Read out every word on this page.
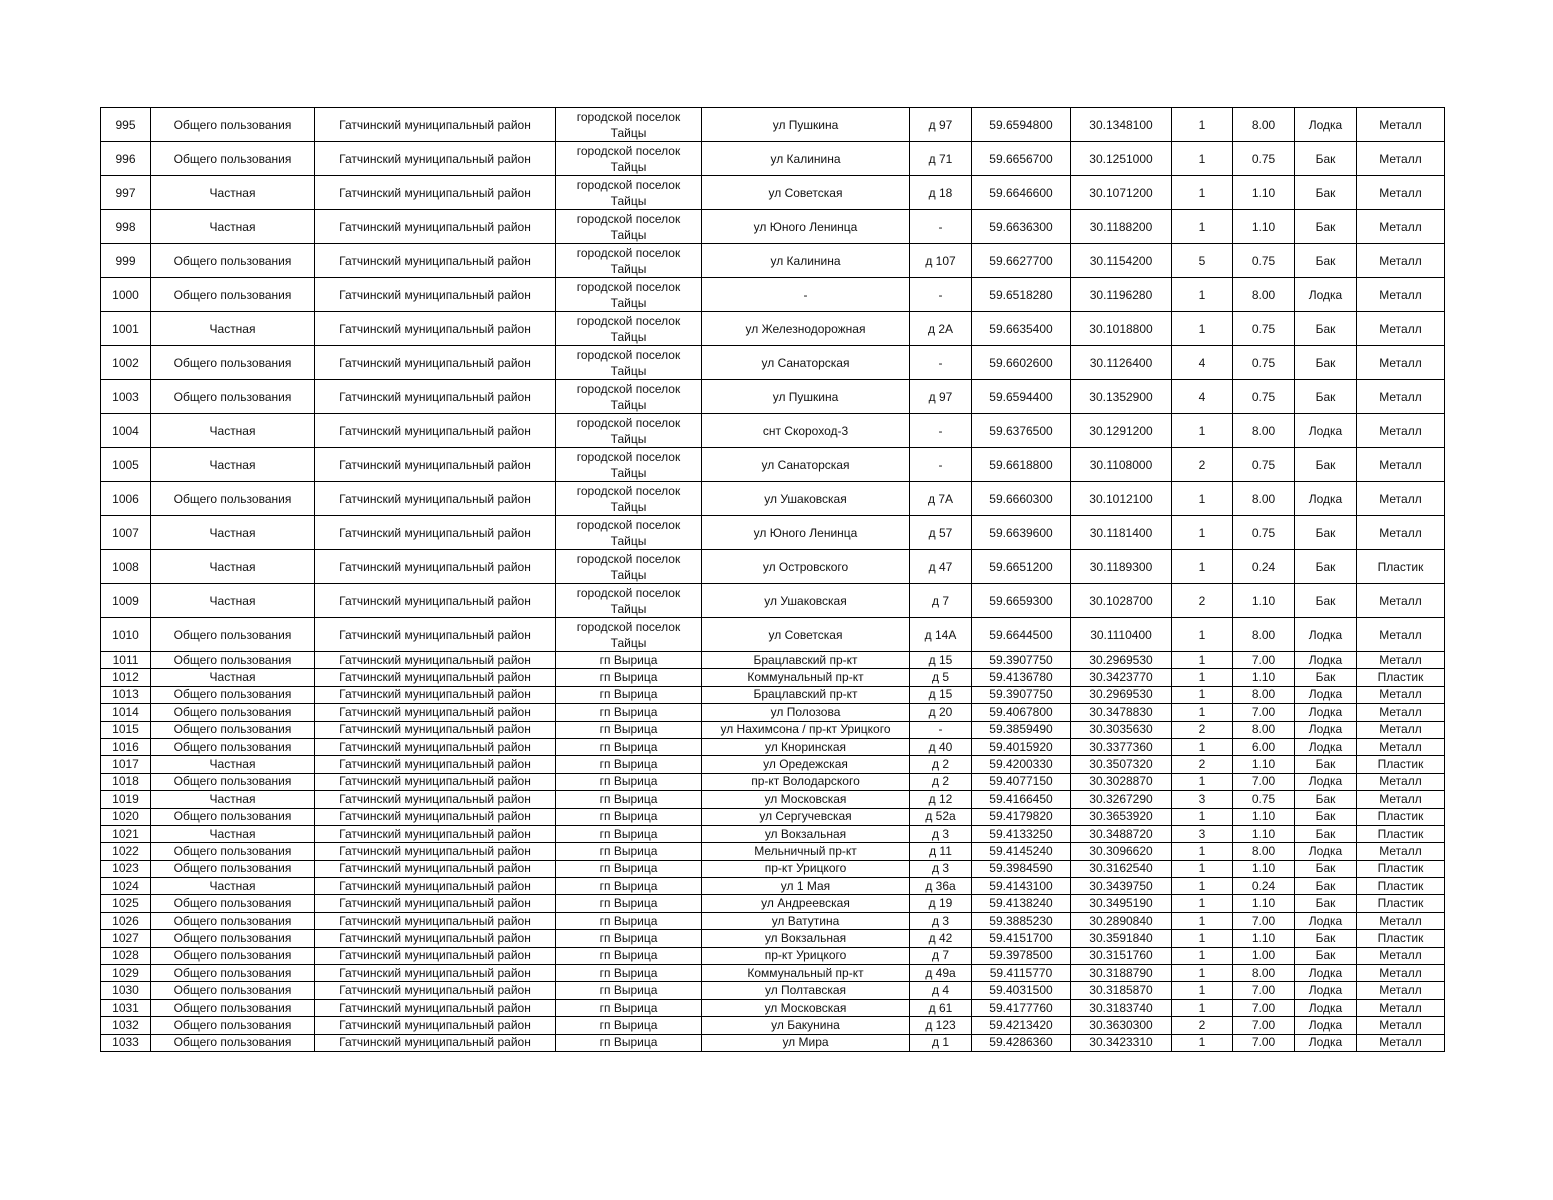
995	Общего пользования	Гатчинский муниципальный район	городской поселок Тайцы	ул Пушкина	д 97	59.6594800	30.1348100	1	8.00	Лодка	Металл
996	Общего пользования	Гатчинский муниципальный район	городской поселок Тайцы	ул Калинина	д 71	59.6656700	30.1251000	1	0.75	Бак	Металл
997	Частная	Гатчинский муниципальный район	городской поселок Тайцы	ул Советская	д 18	59.6646600	30.1071200	1	1.10	Бак	Металл
998	Частная	Гатчинский муниципальный район	городской поселок Тайцы	ул Юного Ленинца	-	59.6636300	30.1188200	1	1.10	Бак	Металл
999	Общего пользования	Гатчинский муниципальный район	городской поселок Тайцы	ул Калинина	д 107	59.6627700	30.1154200	5	0.75	Бак	Металл
1000	Общего пользования	Гатчинский муниципальный район	городской поселок Тайцы	-	-	59.6518280	30.1196280	1	8.00	Лодка	Металл
1001	Частная	Гатчинский муниципальный район	городской поселок Тайцы	ул Железнодорожная	д 2А	59.6635400	30.1018800	1	0.75	Бак	Металл
1002	Общего пользования	Гатчинский муниципальный район	городской поселок Тайцы	ул Санаторская	-	59.6602600	30.1126400	4	0.75	Бак	Металл
1003	Общего пользования	Гатчинский муниципальный район	городской поселок Тайцы	ул Пушкина	д 97	59.6594400	30.1352900	4	0.75	Бак	Металл
1004	Частная	Гатчинский муниципальный район	городской поселок Тайцы	снт Скороход-3	-	59.6376500	30.1291200	1	8.00	Лодка	Металл
1005	Частная	Гатчинский муниципальный район	городской поселок Тайцы	ул Санаторская	-	59.6618800	30.1108000	2	0.75	Бак	Металл
1006	Общего пользования	Гатчинский муниципальный район	городской поселок Тайцы	ул Ушаковская	д 7А	59.6660300	30.1012100	1	8.00	Лодка	Металл
1007	Частная	Гатчинский муниципальный район	городской поселок Тайцы	ул Юного Ленинца	д 57	59.6639600	30.1181400	1	0.75	Бак	Металл
1008	Частная	Гатчинский муниципальный район	городской поселок Тайцы	ул Островского	д 47	59.6651200	30.1189300	1	0.24	Бак	Пластик
1009	Частная	Гатчинский муниципальный район	городской поселок Тайцы	ул Ушаковская	д 7	59.6659300	30.1028700	2	1.10	Бак	Металл
1010	Общего пользования	Гатчинский муниципальный район	городской поселок Тайцы	ул Советская	д 14А	59.6644500	30.1110400	1	8.00	Лодка	Металл
1011	Общего пользования	Гатчинский муниципальный район	гп Вырица	Брацлавский пр-кт	д 15	59.3907750	30.2969530	1	7.00	Лодка	Металл
1012	Частная	Гатчинский муниципальный район	гп Вырица	Коммунальный пр-кт	д 5	59.4136780	30.3423770	1	1.10	Бак	Пластик
1013	Общего пользования	Гатчинский муниципальный район	гп Вырица	Брацлавский пр-кт	д 15	59.3907750	30.2969530	1	8.00	Лодка	Металл
1014	Общего пользования	Гатчинский муниципальный район	гп Вырица	ул Полозова	д 20	59.4067800	30.3478830	1	7.00	Лодка	Металл
1015	Общего пользования	Гатчинский муниципальный район	гп Вырица	ул Нахимсона / пр-кт Урицкого	-	59.3859490	30.3035630	2	8.00	Лодка	Металл
1016	Общего пользования	Гатчинский муниципальный район	гп Вырица	ул Кноринская	д 40	59.4015920	30.3377360	1	6.00	Лодка	Металл
1017	Частная	Гатчинский муниципальный район	гп Вырица	ул Оредежская	д 2	59.4200330	30.3507320	2	1.10	Бак	Пластик
1018	Общего пользования	Гатчинский муниципальный район	гп Вырица	пр-кт Володарского	д 2	59.4077150	30.3028870	1	7.00	Лодка	Металл
1019	Частная	Гатчинский муниципальный район	гп Вырица	ул Московская	д 12	59.4166450	30.3267290	3	0.75	Бак	Металл
1020	Общего пользования	Гатчинский муниципальный район	гп Вырица	ул Сергучевская	д 52а	59.4179820	30.3653920	1	1.10	Бак	Пластик
1021	Частная	Гатчинский муниципальный район	гп Вырица	ул Вокзальная	д 3	59.4133250	30.3488720	3	1.10	Бак	Пластик
1022	Общего пользования	Гатчинский муниципальный район	гп Вырица	Мельничный пр-кт	д 11	59.4145240	30.3096620	1	8.00	Лодка	Металл
1023	Общего пользования	Гатчинский муниципальный район	гп Вырица	пр-кт Урицкого	д 3	59.3984590	30.3162540	1	1.10	Бак	Пластик
1024	Частная	Гатчинский муниципальный район	гп Вырица	ул 1 Мая	д 36а	59.4143100	30.3439750	1	0.24	Бак	Пластик
1025	Общего пользования	Гатчинский муниципальный район	гп Вырица	ул Андреевская	д 19	59.4138240	30.3495190	1	1.10	Бак	Пластик
1026	Общего пользования	Гатчинский муниципальный район	гп Вырица	ул Ватутина	д 3	59.3885230	30.2890840	1	7.00	Лодка	Металл
1027	Общего пользования	Гатчинский муниципальный район	гп Вырица	ул Вокзальная	д 42	59.4151700	30.3591840	1	1.10	Бак	Пластик
1028	Общего пользования	Гатчинский муниципальный район	гп Вырица	пр-кт Урицкого	д 7	59.3978500	30.3151760	1	1.00	Бак	Металл
1029	Общего пользования	Гатчинский муниципальный район	гп Вырица	Коммунальный пр-кт	д 49а	59.4115770	30.3188790	1	8.00	Лодка	Металл
1030	Общего пользования	Гатчинский муниципальный район	гп Вырица	ул Полтавская	д 4	59.4031500	30.3185870	1	7.00	Лодка	Металл
1031	Общего пользования	Гатчинский муниципальный район	гп Вырица	ул Московская	д 61	59.4177760	30.3183740	1	7.00	Лодка	Металл
1032	Общего пользования	Гатчинский муниципальный район	гп Вырица	ул Бакунина	д 123	59.4213420	30.3630300	2	7.00	Лодка	Металл
1033	Общего пользования	Гатчинский муниципальный район	гп Вырица	ул Мира	д 1	59.4286360	30.3423310	1	7.00	Лодка	Металл
